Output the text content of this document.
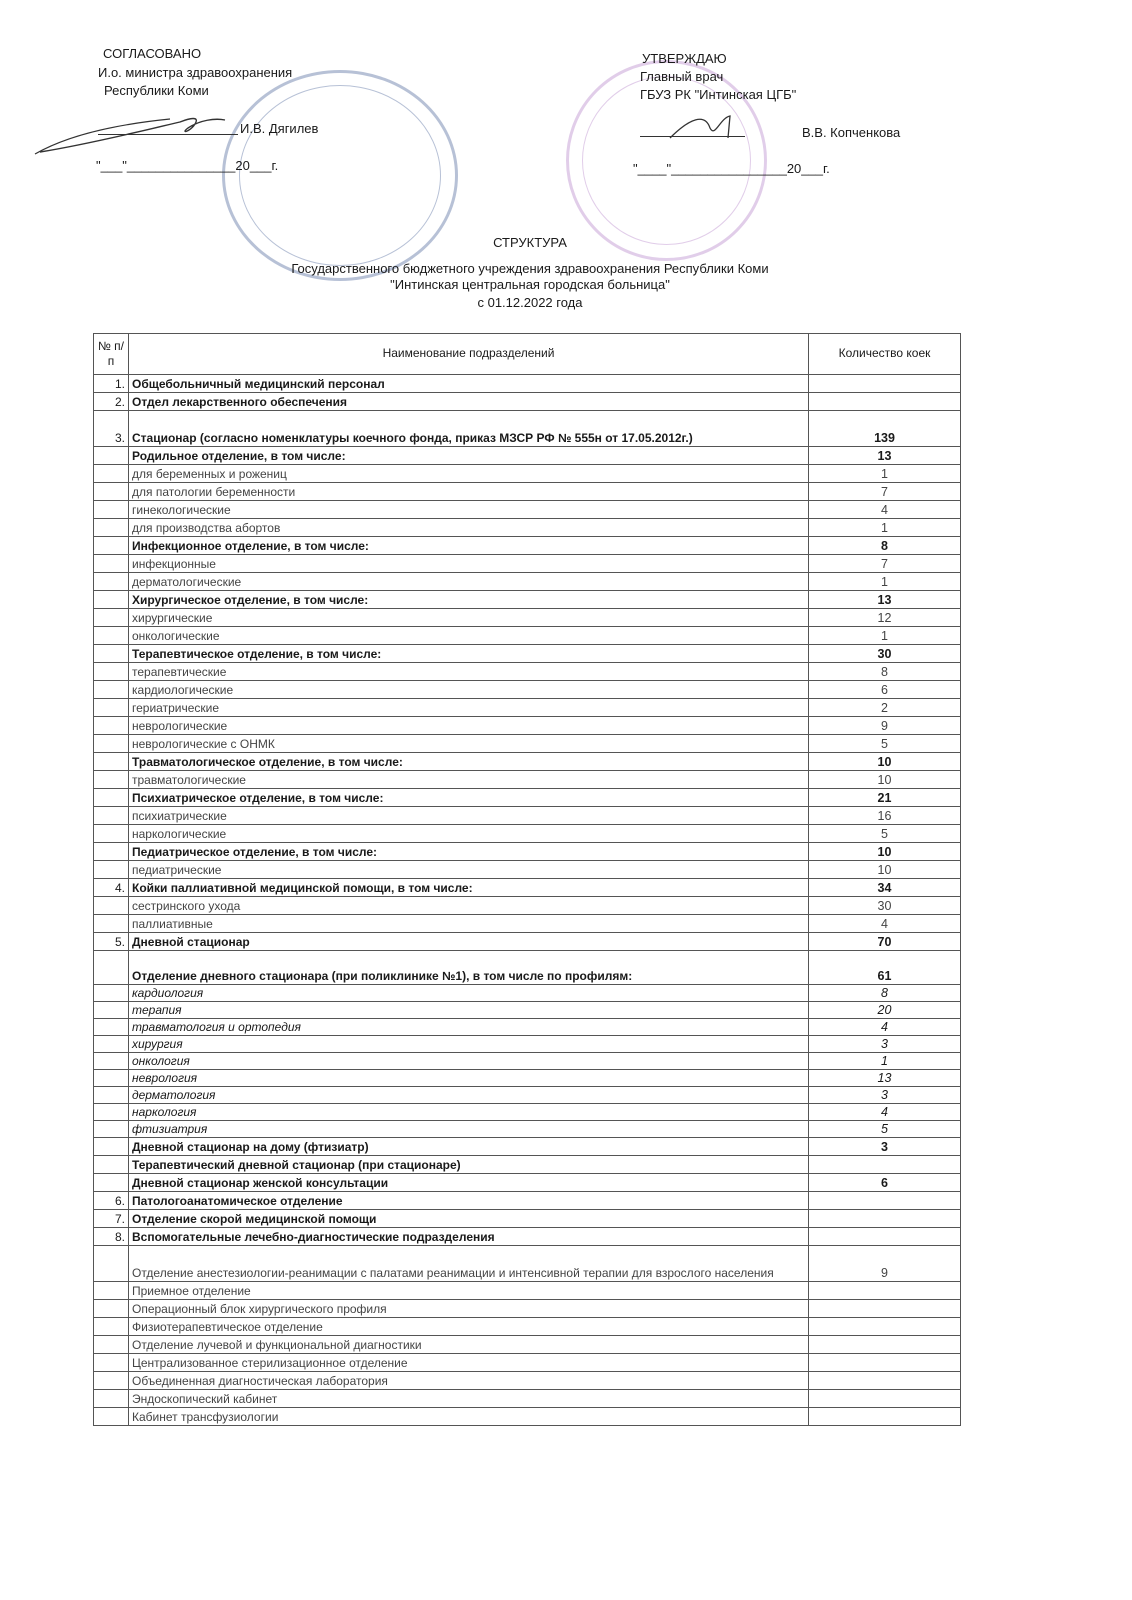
СОГЛАСОВАНО
И.о. министра здравоохранения
Республики Коми
И.В. Дягилев
"___"_______________20___г.
УТВЕРЖДАЮ
Главный врач
ГБУЗ РК "Интинская ЦГБ"
В.В. Копченкова
"____"________________20___г.
СТРУКТУРА
Государственного бюджетного учреждения здравоохранения Республики Коми
"Интинская центральная городская больница"
с 01.12.2022 года
№ п/п	Наименование подразделений	Количество коек
1.	Общебольничный медицинский персонал	
2.	Отдел лекарственного обеспечения	
3.	Стационар (согласно номенклатуры коечного фонда, приказ МЗСР РФ № 555н от 17.05.2012г.)	139
	Родильное отделение, в том числе:	13
	для беременных и рожениц	1
	для патологии беременности	7
	гинекологические	4
	для производства абортов	1
	Инфекционное отделение, в том числе:	8
	инфекционные	7
	дерматологические	1
	Хирургическое отделение, в том числе:	13
	хирургические	12
	онкологические	1
	Терапевтическое отделение, в том числе:	30
	терапевтические	8
	кардиологические	6
	гериатрические	2
	неврологические	9
	неврологические с ОНМК	5
	Травматологическое отделение, в том числе:	10
	травматологические	10
	Психиатрическое отделение, в том числе:	21
	психиатрические	16
	наркологические	5
	Педиатрическое отделение, в том числе:	10
	педиатрические	10
4.	Койки паллиативной медицинской помощи, в том числе:	34
	сестринского ухода	30
	паллиативные	4
5.	Дневной стационар	70
	Отделение дневного стационара (при поликлинике №1), в том числе по профилям:	61
	кардиология	8
	терапия	20
	травматология и ортопедия	4
	хирургия	3
	онкология	1
	неврология	13
	дерматология	3
	наркология	4
	фтизиатрия	5
	Дневной стационар на дому (фтизиатр)	3
	Терапевтический дневной стационар (при стационаре)	
	Дневной стационар женской консультации	6
6.	Патологоанатомическое отделение	
7.	Отделение скорой медицинской помощи	
8.	Вспомогательные лечебно-диагностические подразделения	
	Отделение анестезиологии-реанимации с палатами реанимации и интенсивной терапии для взрослого населения	9
	Приемное отделение	
	Операционный блок хирургического профиля	
	Физиотерапевтическое отделение	
	Отделение лучевой и функциональной диагностики	
	Централизованное стерилизационное отделение	
	Объединенная диагностическая лаборатория	
	Эндоскопический кабинет	
	Кабинет трансфузиологии	
